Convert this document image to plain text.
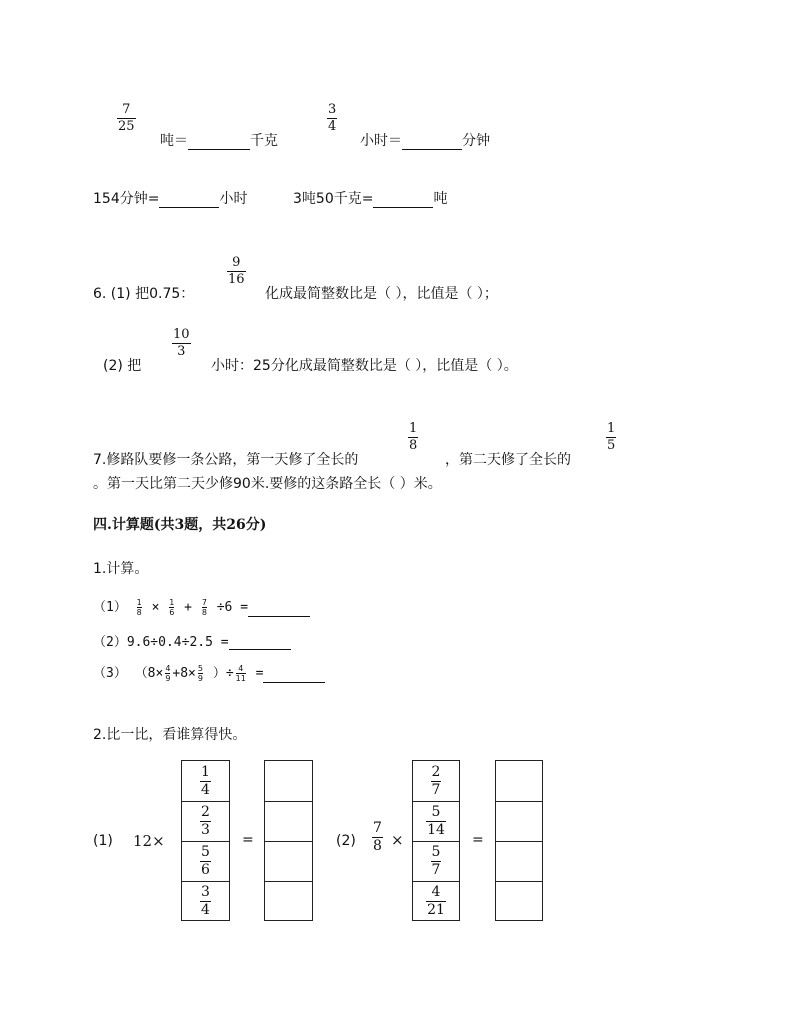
7
25
吨＝	千克
3
4
小时＝	分钟
154分钟=	小时	3吨50千克=	吨
6. (1) 把0.75：
9
16
化成最简整数比是（ ），比值是（ ）；
(2) 把
10
3
小时：25分化成最简整数比是（ ），比值是（ ）。
7.修路队要修一条公路，第一天修了全长的
1
8
，第二天修了全长的
1
5
。第一天比第二天少修90米.要修的这条路全长（ ）米。
四.计算题(共3题，共26分)
1.计算。
$(1) \frac{1}{8} \times \frac{1}{6} + \frac{7}{8} \div 6$ =
（2）9.6÷0.4÷2.5 =
（3） （$8\times \frac{4}{9} +8\times \frac{5}{9}$ ）÷ $\frac{4}{11}$ =
2.比一比，看谁算得快。
(1) 12×
$\frac{1}{4}$
$\frac{2}{3}$
$\frac{5}{6}$
$\frac{3}{4}$
=	(2)
7
8 ×
$\frac{2}{7}$
$\frac{5}{14}$
$\frac{5}{7}$
$\frac{4}{21}$
=
